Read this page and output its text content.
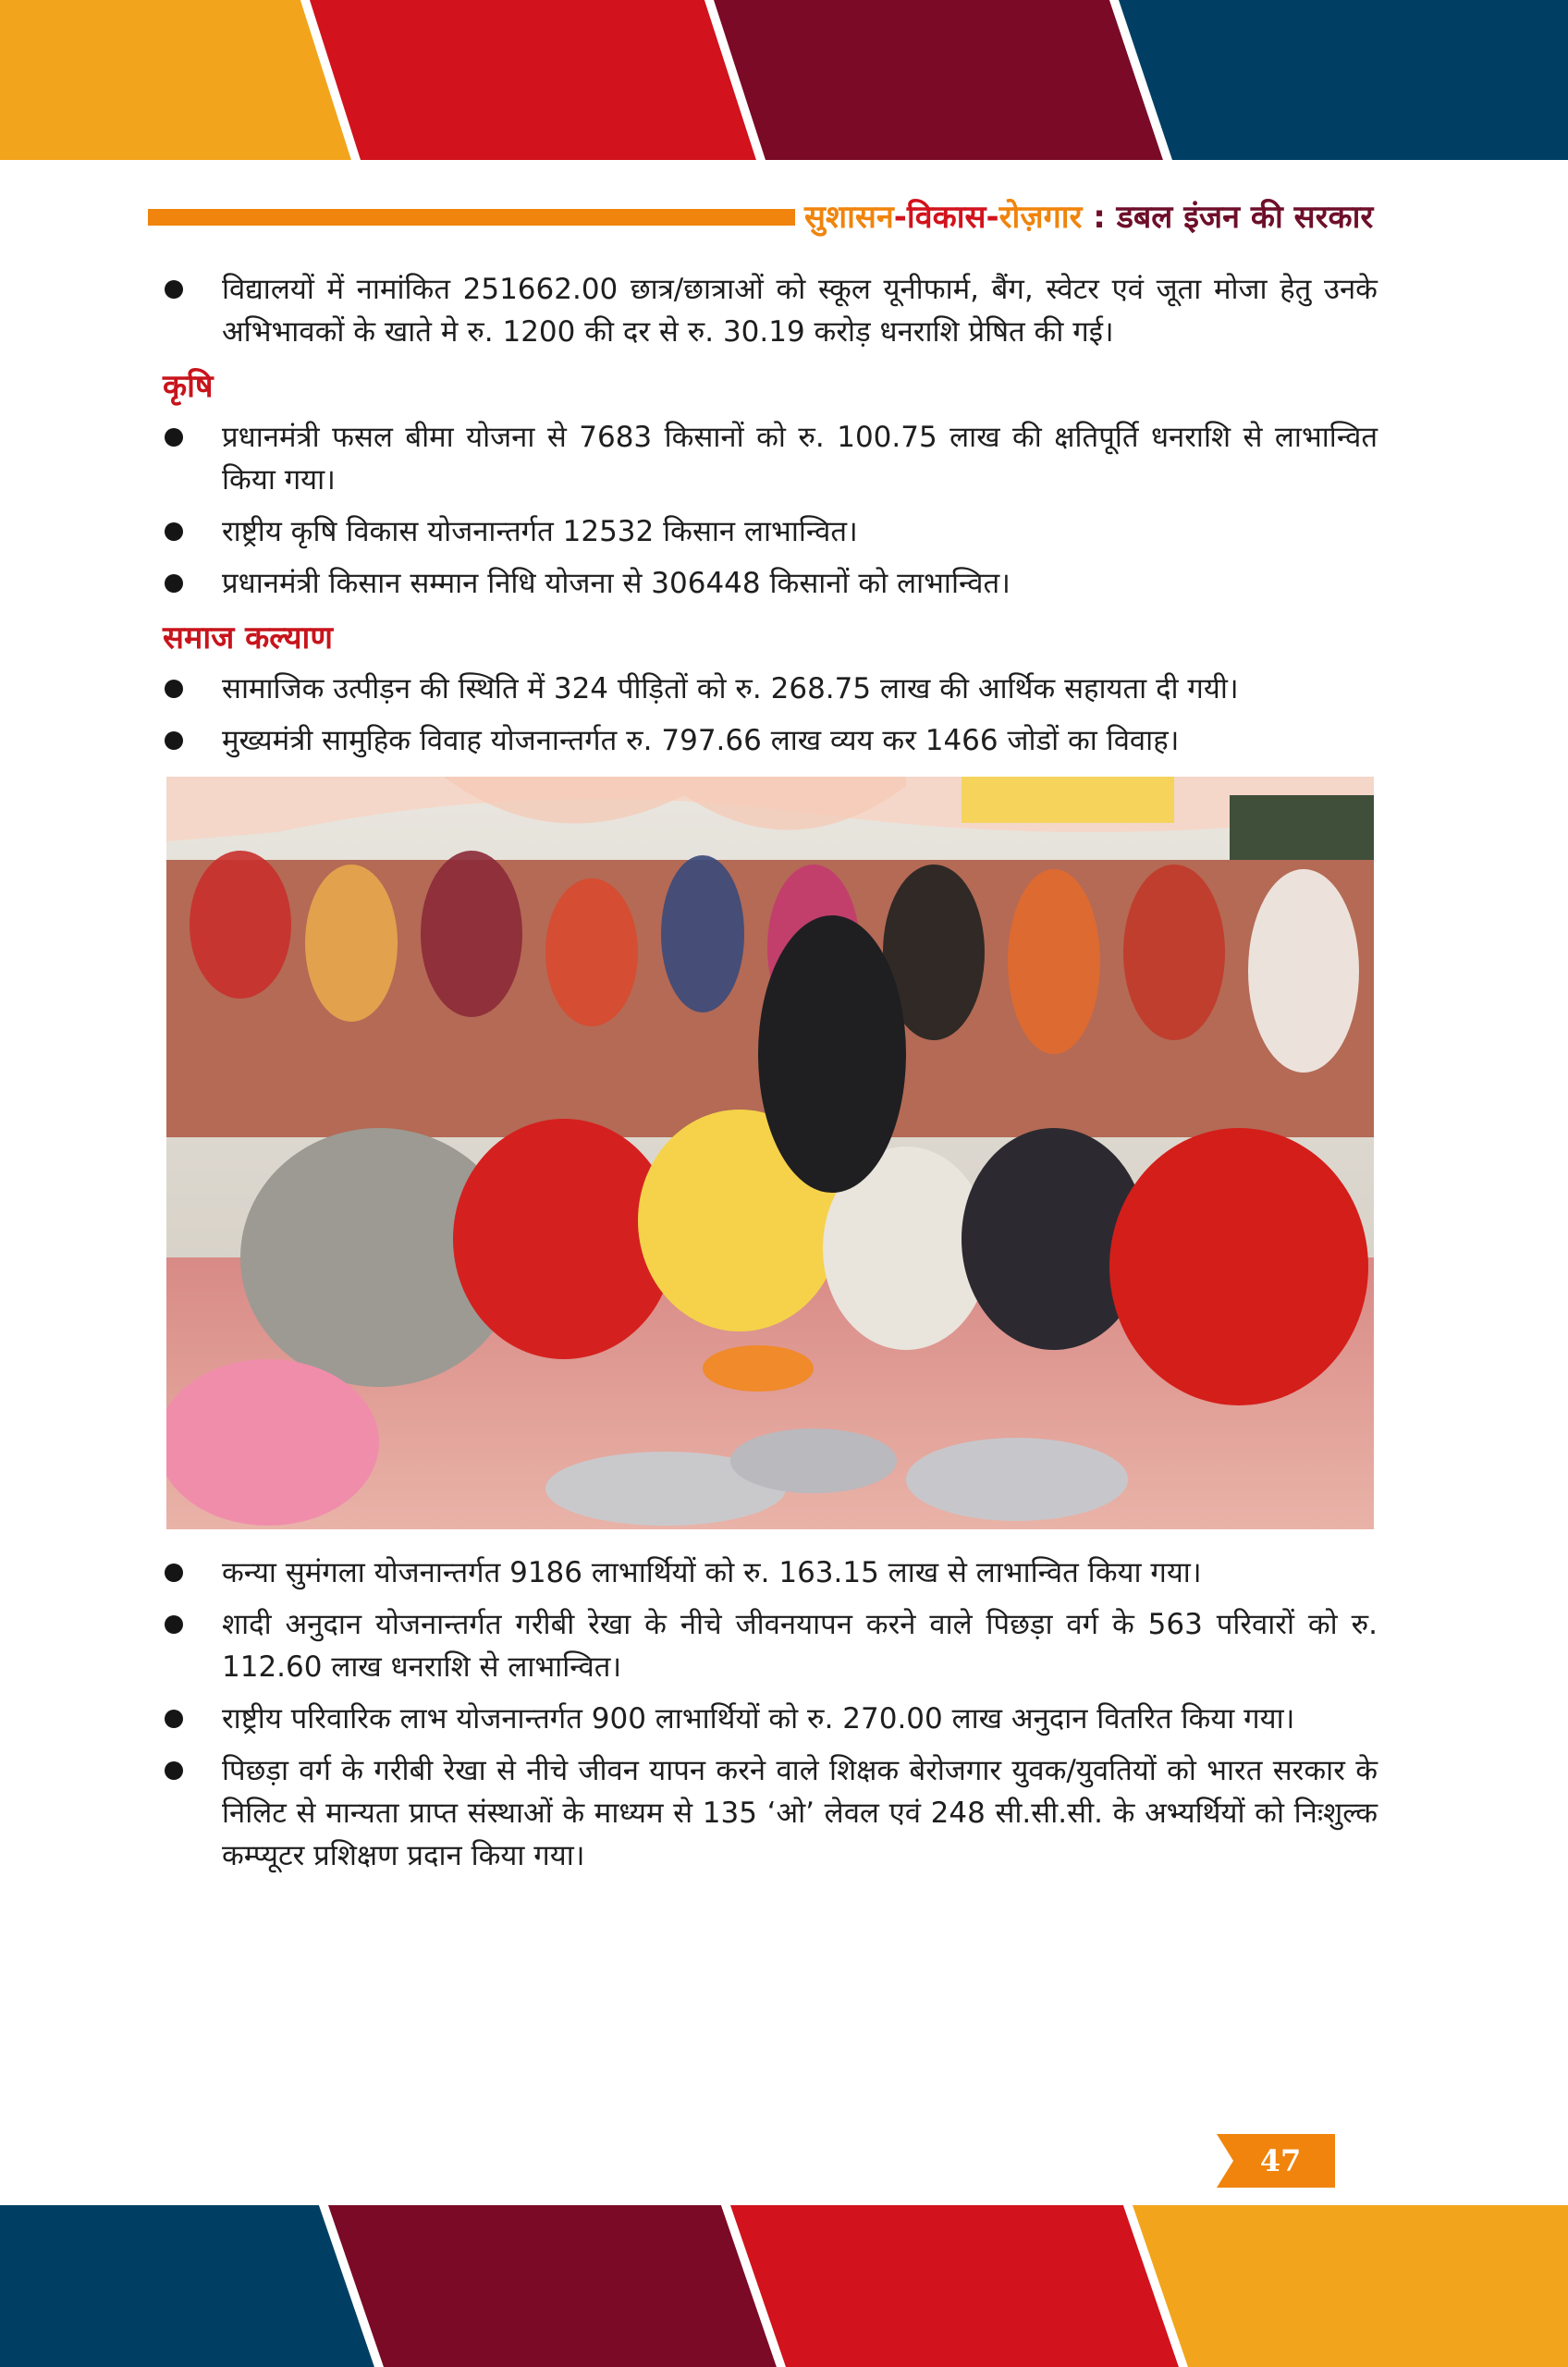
सुशासन-विकास-रोज़गार : डबल इंजन की सरकार
विद्यालयों में नामांकित 251662.00 छात्र/छात्राओं को स्कूल यूनीफार्म, बैंग, स्वेटर एवं जूता मोजा हेतु उनके अभिभावकों के खाते मे रु. 1200 की दर से रु. 30.19 करोड़ धनराशि प्रेषित की गई।
कृषि
प्रधानमंत्री फसल बीमा योजना से 7683 किसानों को रु. 100.75 लाख की क्षतिपूर्ति धनराशि से लाभान्वित किया गया।
राष्ट्रीय कृषि विकास योजनान्तर्गत 12532 किसान लाभान्वित।
प्रधानमंत्री किसान सम्मान निधि योजना से 306448 किसानों को लाभान्वित।
समाज कल्याण
सामाजिक उत्पीड़न की स्थिति में 324 पीड़ितों को रु. 268.75 लाख की आर्थिक सहायता दी गयी।
मुख्यमंत्री सामुहिक विवाह योजनान्तर्गत रु. 797.66 लाख व्यय कर 1466 जोडों का विवाह।
कन्या सुमंगला योजनान्तर्गत 9186 लाभार्थियों को रु. 163.15 लाख से लाभान्वित किया गया।
शादी अनुदान योजनान्तर्गत गरीबी रेखा के नीचे जीवनयापन करने वाले पिछड़ा वर्ग के 563 परिवारों को रु. 112.60 लाख धनराशि से लाभान्वित।
राष्ट्रीय परिवारिक लाभ योजनान्तर्गत 900 लाभार्थियों को रु. 270.00 लाख अनुदान वितरित किया गया।
पिछड़ा वर्ग के गरीबी रेखा से नीचे जीवन यापन करने वाले शिक्षक बेरोजगार युवक/युवतियों को भारत सरकार के निलिट से मान्यता प्राप्त संस्थाओं के माध्यम से 135 ‘ओ’ लेवल एवं 248 सी.सी.सी. के अभ्यर्थियों को निःशुल्क कम्प्यूटर प्रशिक्षण प्रदान किया गया।
47
